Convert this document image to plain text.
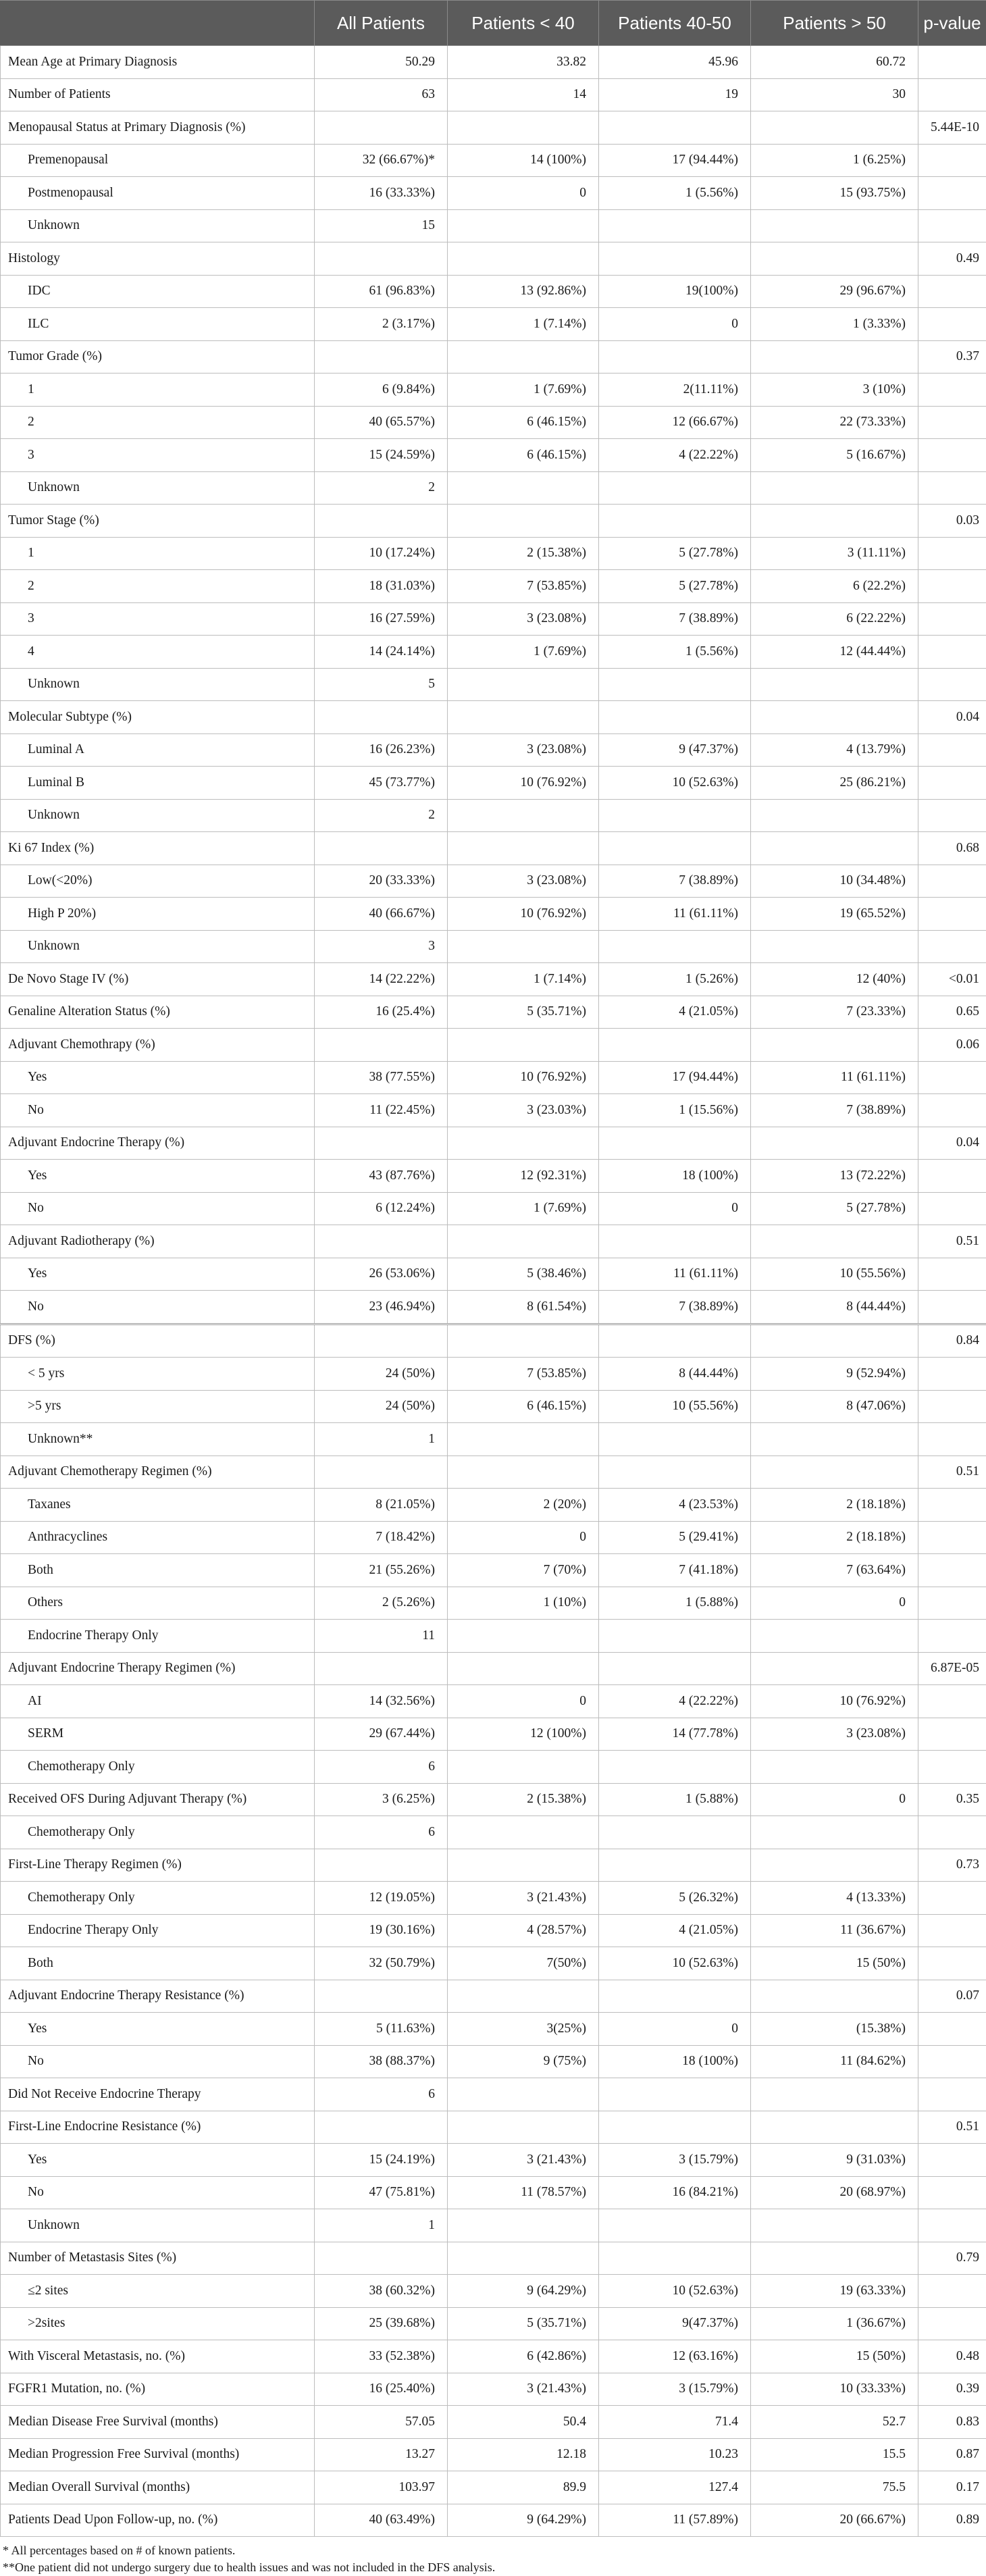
	All Patients	Patients < 40	Patients 40-50	Patients > 50	p-value
Mean Age at Primary Diagnosis	50.29	33.82	45.96	60.72	
Number of Patients	63	14	19	30	
Menopausal Status at Primary Diagnosis (%)					5.44E-10
Premenopausal	32 (66.67%)*	14 (100%)	17 (94.44%)	1 (6.25%)	
Postmenopausal	16 (33.33%)	0	1 (5.56%)	15 (93.75%)	
Unknown	15				
Histology					0.49
IDC	61 (96.83%)	13 (92.86%)	19(100%)	29 (96.67%)	
ILC	2 (3.17%)	1 (7.14%)	0	1 (3.33%)	
Tumor Grade (%)					0.37
1	6 (9.84%)	1 (7.69%)	2(11.11%)	3 (10%)	
2	40 (65.57%)	6 (46.15%)	12 (66.67%)	22 (73.33%)	
3	15 (24.59%)	6 (46.15%)	4 (22.22%)	5 (16.67%)	
Unknown	2				
Tumor Stage (%)					0.03
1	10 (17.24%)	2 (15.38%)	5 (27.78%)	3 (11.11%)	
2	18 (31.03%)	7 (53.85%)	5 (27.78%)	6 (22.2%)	
3	16 (27.59%)	3 (23.08%)	7 (38.89%)	6 (22.22%)	
4	14 (24.14%)	1 (7.69%)	1 (5.56%)	12 (44.44%)	
Unknown	5				
Molecular Subtype (%)					0.04
Luminal A	16 (26.23%)	3 (23.08%)	9 (47.37%)	4 (13.79%)	
Luminal B	45 (73.77%)	10 (76.92%)	10 (52.63%)	25 (86.21%)	
Unknown	2				
Ki 67 Index (%)					0.68
Low(<20%)	20 (33.33%)	3 (23.08%)	7 (38.89%)	10 (34.48%)	
High P 20%)	40 (66.67%)	10 (76.92%)	11 (61.11%)	19 (65.52%)	
Unknown	3				
De Novo Stage IV (%)	14 (22.22%)	1 (7.14%)	1 (5.26%)	12 (40%)	<0.01
Genaline Alteration Status (%)	16 (25.4%)	5 (35.71%)	4 (21.05%)	7 (23.33%)	0.65
Adjuvant Chemothrapy (%)					0.06
Yes	38 (77.55%)	10 (76.92%)	17 (94.44%)	11 (61.11%)	
No	11 (22.45%)	3 (23.03%)	1 (15.56%)	7 (38.89%)	
Adjuvant Endocrine Therapy (%)					0.04
Yes	43 (87.76%)	12 (92.31%)	18 (100%)	13 (72.22%)	
No	6 (12.24%)	1 (7.69%)	0	5 (27.78%)	
Adjuvant Radiotherapy (%)					0.51
Yes	26 (53.06%)	5 (38.46%)	11 (61.11%)	10 (55.56%)	
No	23 (46.94%)	8 (61.54%)	7 (38.89%)	8 (44.44%)	
DFS (%)					0.84
< 5 yrs	24 (50%)	7 (53.85%)	8 (44.44%)	9 (52.94%)	
>5 yrs	24 (50%)	6 (46.15%)	10 (55.56%)	8 (47.06%)	
Unknown**	1				
Adjuvant Chemotherapy Regimen (%)					0.51
Taxanes	8 (21.05%)	2 (20%)	4 (23.53%)	2 (18.18%)	
Anthracyclines	7 (18.42%)	0	5 (29.41%)	2 (18.18%)	
Both	21 (55.26%)	7 (70%)	7 (41.18%)	7 (63.64%)	
Others	2 (5.26%)	1 (10%)	1 (5.88%)	0	
Endocrine Therapy Only	11				
Adjuvant Endocrine Therapy Regimen (%)					6.87E-05
AI	14 (32.56%)	0	4 (22.22%)	10 (76.92%)	
SERM	29 (67.44%)	12 (100%)	14 (77.78%)	3 (23.08%)	
Chemotherapy Only	6				
Received OFS During Adjuvant Therapy (%)	3 (6.25%)	2 (15.38%)	1 (5.88%)	0	0.35
Chemotherapy Only	6				
First-Line Therapy Regimen (%)					0.73
Chemotherapy Only	12 (19.05%)	3 (21.43%)	5 (26.32%)	4 (13.33%)	
Endocrine Therapy Only	19 (30.16%)	4 (28.57%)	4 (21.05%)	11 (36.67%)	
Both	32 (50.79%)	7(50%)	10 (52.63%)	15 (50%)	
Adjuvant Endocrine Therapy Resistance (%)					0.07
Yes	5 (11.63%)	3(25%)	0	(15.38%)	
No	38 (88.37%)	9 (75%)	18 (100%)	11 (84.62%)	
Did Not Receive Endocrine Therapy	6				
First-Line Endocrine Resistance (%)					0.51
Yes	15 (24.19%)	3 (21.43%)	3 (15.79%)	9 (31.03%)	
No	47 (75.81%)	11 (78.57%)	16 (84.21%)	20 (68.97%)	
Unknown	1				
Number of Metastasis Sites (%)					0.79
≤2 sites	38 (60.32%)	9 (64.29%)	10 (52.63%)	19 (63.33%)	
>2sites	25 (39.68%)	5 (35.71%)	9(47.37%)	1 (36.67%)	
With Visceral Metastasis, no. (%)	33 (52.38%)	6 (42.86%)	12 (63.16%)	15 (50%)	0.48
FGFR1 Mutation, no. (%)	16 (25.40%)	3 (21.43%)	3 (15.79%)	10 (33.33%)	0.39
Median Disease Free Survival (months)	57.05	50.4	71.4	52.7	0.83
Median Progression Free Survival (months)	13.27	12.18	10.23	15.5	0.87
Median Overall Survival (months)	103.97	89.9	127.4	75.5	0.17
Patients Dead Upon Follow-up, no. (%)	40 (63.49%)	9 (64.29%)	11 (57.89%)	20 (66.67%)	0.89
* All percentages based on # of known patients.
**One patient did not undergo surgery due to health issues and was not included in the DFS analysis.
